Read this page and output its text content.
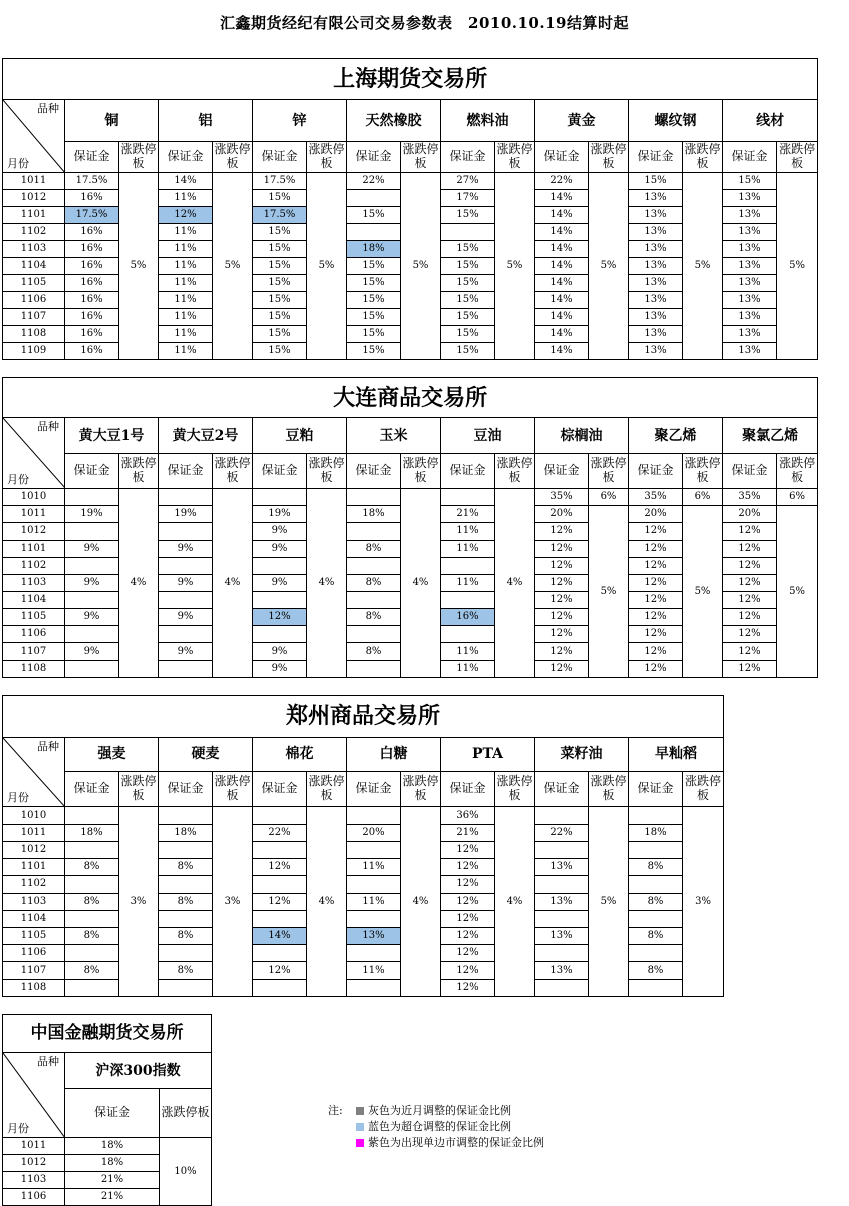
汇鑫期货经纪有限公司交易参数表　2010.10.19结算时起
上海期货交易所																

品种
月份	铜		铝		锌		天然橡胶		燃料油		黄金		螺纹钢		线材	
	保证金	涨跌停板	保证金	涨跌停板	保证金	涨跌停板	保证金	涨跌停板	保证金	涨跌停板	保证金	涨跌停板	保证金	涨跌停板	保证金	涨跌停板
1011	17.5%	5%	14%	5%	17.5%	5%	22%	5%	27%	5%	22%	5%	15%	5%	15%	5%
1012	16%		11%		15%				17%		14%		13%		13%	
1101	17.5%		12%		17.5%		15%		15%		14%		13%		13%	
1102	16%		11%		15%						14%		13%		13%	
1103	16%		11%		15%		18%		15%		14%		13%		13%	
1104	16%		11%		15%		15%		15%		14%		13%		13%	
1105	16%		11%		15%		15%		15%		14%		13%		13%	
1106	16%		11%		15%		15%		15%		14%		13%		13%	
1107	16%		11%		15%		15%		15%		14%		13%		13%	
1108	16%		11%		15%		15%		15%		14%		13%		13%	
1109	16%		11%		15%		15%		15%		14%		13%		13%	
大连商品交易所																

品种
月份	黄大豆1号		黄大豆2号		豆粕		玉米		豆油		棕榈油		聚乙烯		聚氯乙烯	
	保证金	涨跌停板	保证金	涨跌停板	保证金	涨跌停板	保证金	涨跌停板	保证金	涨跌停板	保证金	涨跌停板	保证金	涨跌停板	保证金	涨跌停板
1010		4%		4%		4%		4%		4%	35%	6%	35%	6%	35%	6%
1011	19%		19%		19%		18%		21%		20%	5%	20%	5%	20%	5%
1012					9%				11%		12%		12%		12%	
1101	9%		9%		9%		8%		11%		12%		12%		12%	
1102											12%		12%		12%	
1103	9%		9%		9%		8%		11%		12%		12%		12%	
1104											12%		12%		12%	
1105	9%		9%		12%		8%		16%		12%		12%		12%	
1106											12%		12%		12%	
1107	9%		9%		9%		8%		11%		12%		12%		12%	
1108					9%				11%		12%		12%		12%	
郑州商品交易所														

品种
月份	强麦		硬麦		棉花		白糖		PTA		菜籽油		早籼稻	
	保证金	涨跌停板	保证金	涨跌停板	保证金	涨跌停板	保证金	涨跌停板	保证金	涨跌停板	保证金	涨跌停板	保证金	涨跌停板
1010		3%		3%		4%		4%	36%	4%		5%		3%
1011	18%		18%		22%		20%		21%		22%		18%	
1012									12%					
1101	8%		8%		12%		11%		12%		13%		8%	
1102									12%					
1103	8%		8%		12%		11%		12%		13%		8%	
1104									12%					
1105	8%		8%		14%		13%		12%		13%		8%	
1106									12%					
1107	8%		8%		12%		11%		12%		13%		8%	
1108									12%					
中国金融期货交易所		

品种
月份	沪深300指数	
	保证金	涨跌停板
1011	18%	10%
1012	18%	
1103	21%	
1106	21%	
注:	灰色为近月调整的保证金比例
蓝色为超仓调整的保证金比例
紫色为出现单边市调整的保证金比例
